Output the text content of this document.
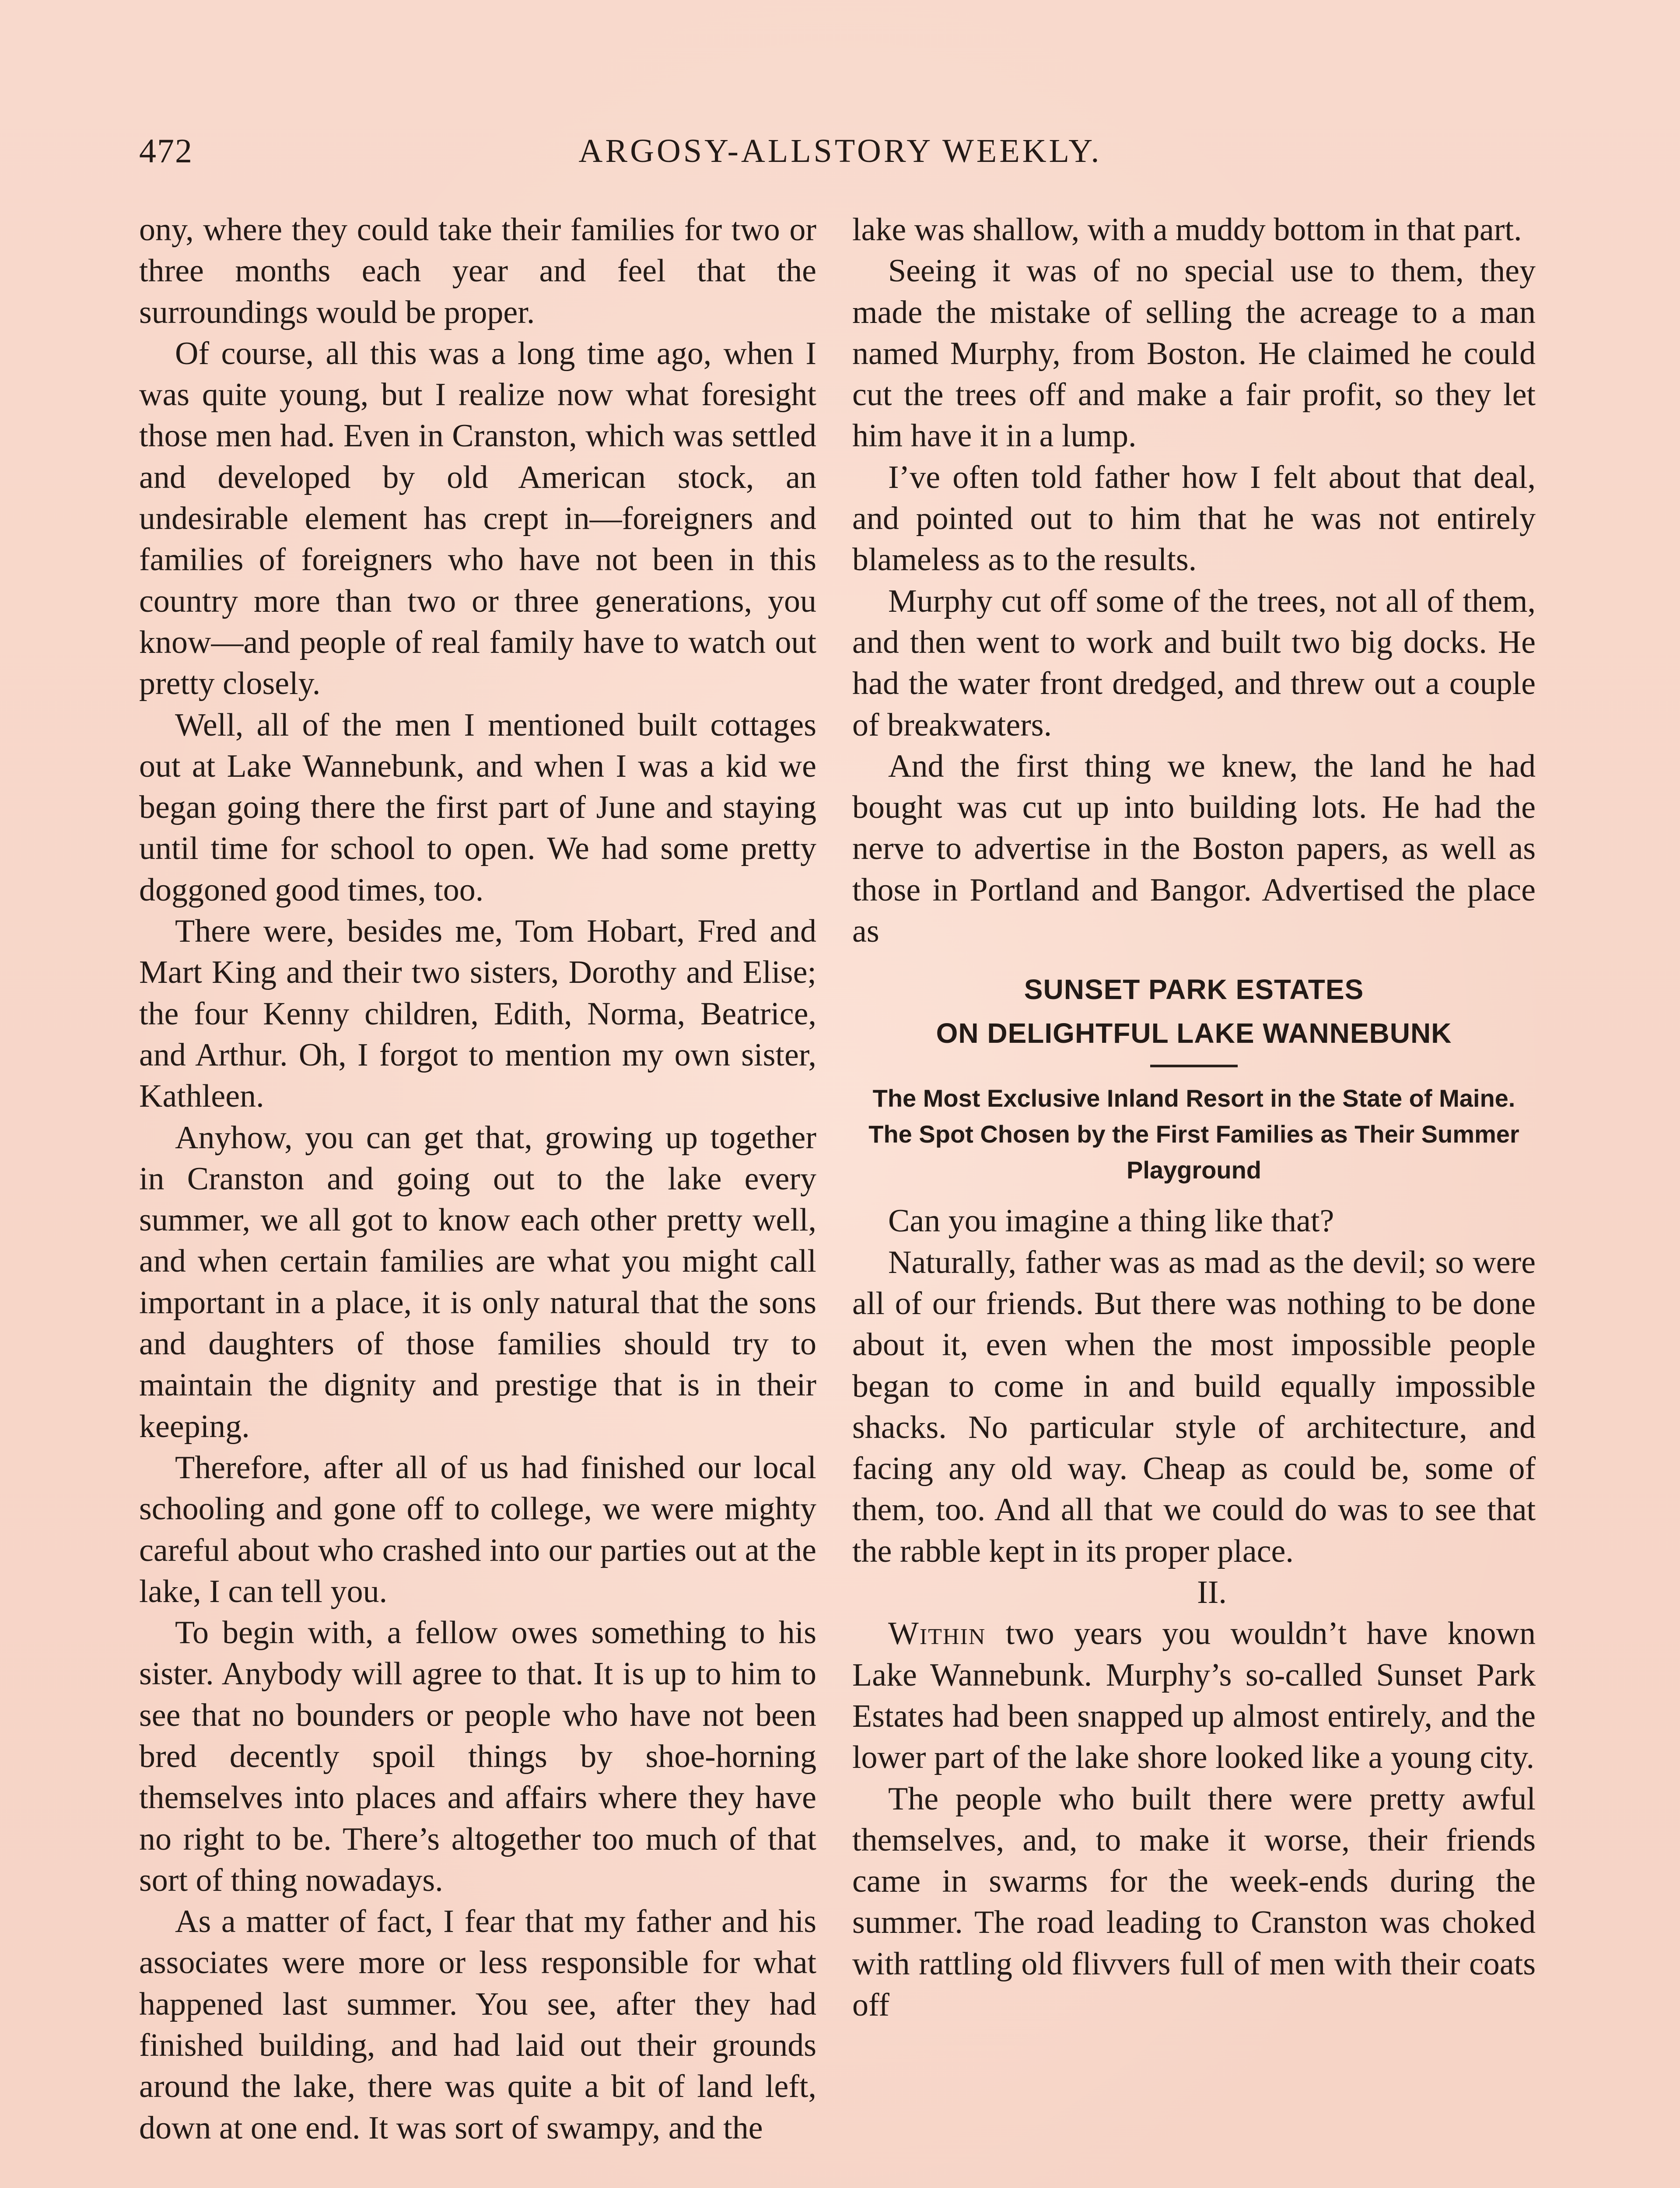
472	ARGOSY-ALLSTORY WEEKLY.

ony, where they could take their families for two or three months each year and feel that the surroundings would be proper.

Of course, all this was a long time ago, when I was quite young, but I realize now what foresight those men had. Even in Cranston, which was settled and developed by old American stock, an undesirable element has crept in—foreigners and families of foreigners who have not been in this country more than two or three generations, you know—and people of real family have to watch out pretty closely.

Well, all of the men I mentioned built cottages out at Lake Wannebunk, and when I was a kid we began going there the first part of June and staying until time for school to open. We had some pretty doggoned good times, too.

There were, besides me, Tom Hobart, Fred and Mart King and their two sisters, Dorothy and Elise; the four Kenny children, Edith, Norma, Beatrice, and Arthur. Oh, I forgot to mention my own sister, Kathleen.

Anyhow, you can get that, growing up together in Cranston and going out to the lake every summer, we all got to know each other pretty well, and when certain families are what you might call important in a place, it is only natural that the sons and daughters of those families should try to maintain the dignity and prestige that is in their keeping.

Therefore, after all of us had finished our local schooling and gone off to college, we were mighty careful about who crashed into our parties out at the lake, I can tell you.

To begin with, a fellow owes something to his sister. Anybody will agree to that. It is up to him to see that no bounders or people who have not been bred decently spoil things by shoe-horning themselves into places and affairs where they have no right to be. There’s altogether too much of that sort of thing nowadays.

As a matter of fact, I fear that my father and his associates were more or less responsible for what happened last summer. You see, after they had finished building, and had laid out their grounds around the lake, there was quite a bit of land left, down at one end. It was sort of swampy, and the

lake was shallow, with a muddy bottom in that part.

Seeing it was of no special use to them, they made the mistake of selling the acreage to a man named Murphy, from Boston. He claimed he could cut the trees off and make a fair profit, so they let him have it in a lump.

I’ve often told father how I felt about that deal, and pointed out to him that he was not entirely blameless as to the results.

Murphy cut off some of the trees, not all of them, and then went to work and built two big docks. He had the water front dredged, and threw out a couple of breakwaters.

And the first thing we knew, the land he had bought was cut up into building lots. He had the nerve to advertise in the Boston papers, as well as those in Portland and Bangor. Advertised the place as

SUNSET PARK ESTATES
ON DELIGHTFUL LAKE WANNEBUNK
The Most Exclusive Inland Resort in the State of Maine. The Spot Chosen by the First Families as Their Summer Playground

Can you imagine a thing like that?

Naturally, father was as mad as the devil; so were all of our friends. But there was nothing to be done about it, even when the most impossible people began to come in and build equally impossible shacks. No particular style of architecture, and facing any old way. Cheap as could be, some of them, too. And all that we could do was to see that the rabble kept in its proper place.

II.

Within two years you wouldn’t have known Lake Wannebunk. Murphy’s so-called Sunset Park Estates had been snapped up almost entirely, and the lower part of the lake shore looked like a young city.

The people who built there were pretty awful themselves, and, to make it worse, their friends came in swarms for the week-ends during the summer. The road leading to Cranston was choked with rattling old flivvers full of men with their coats off
